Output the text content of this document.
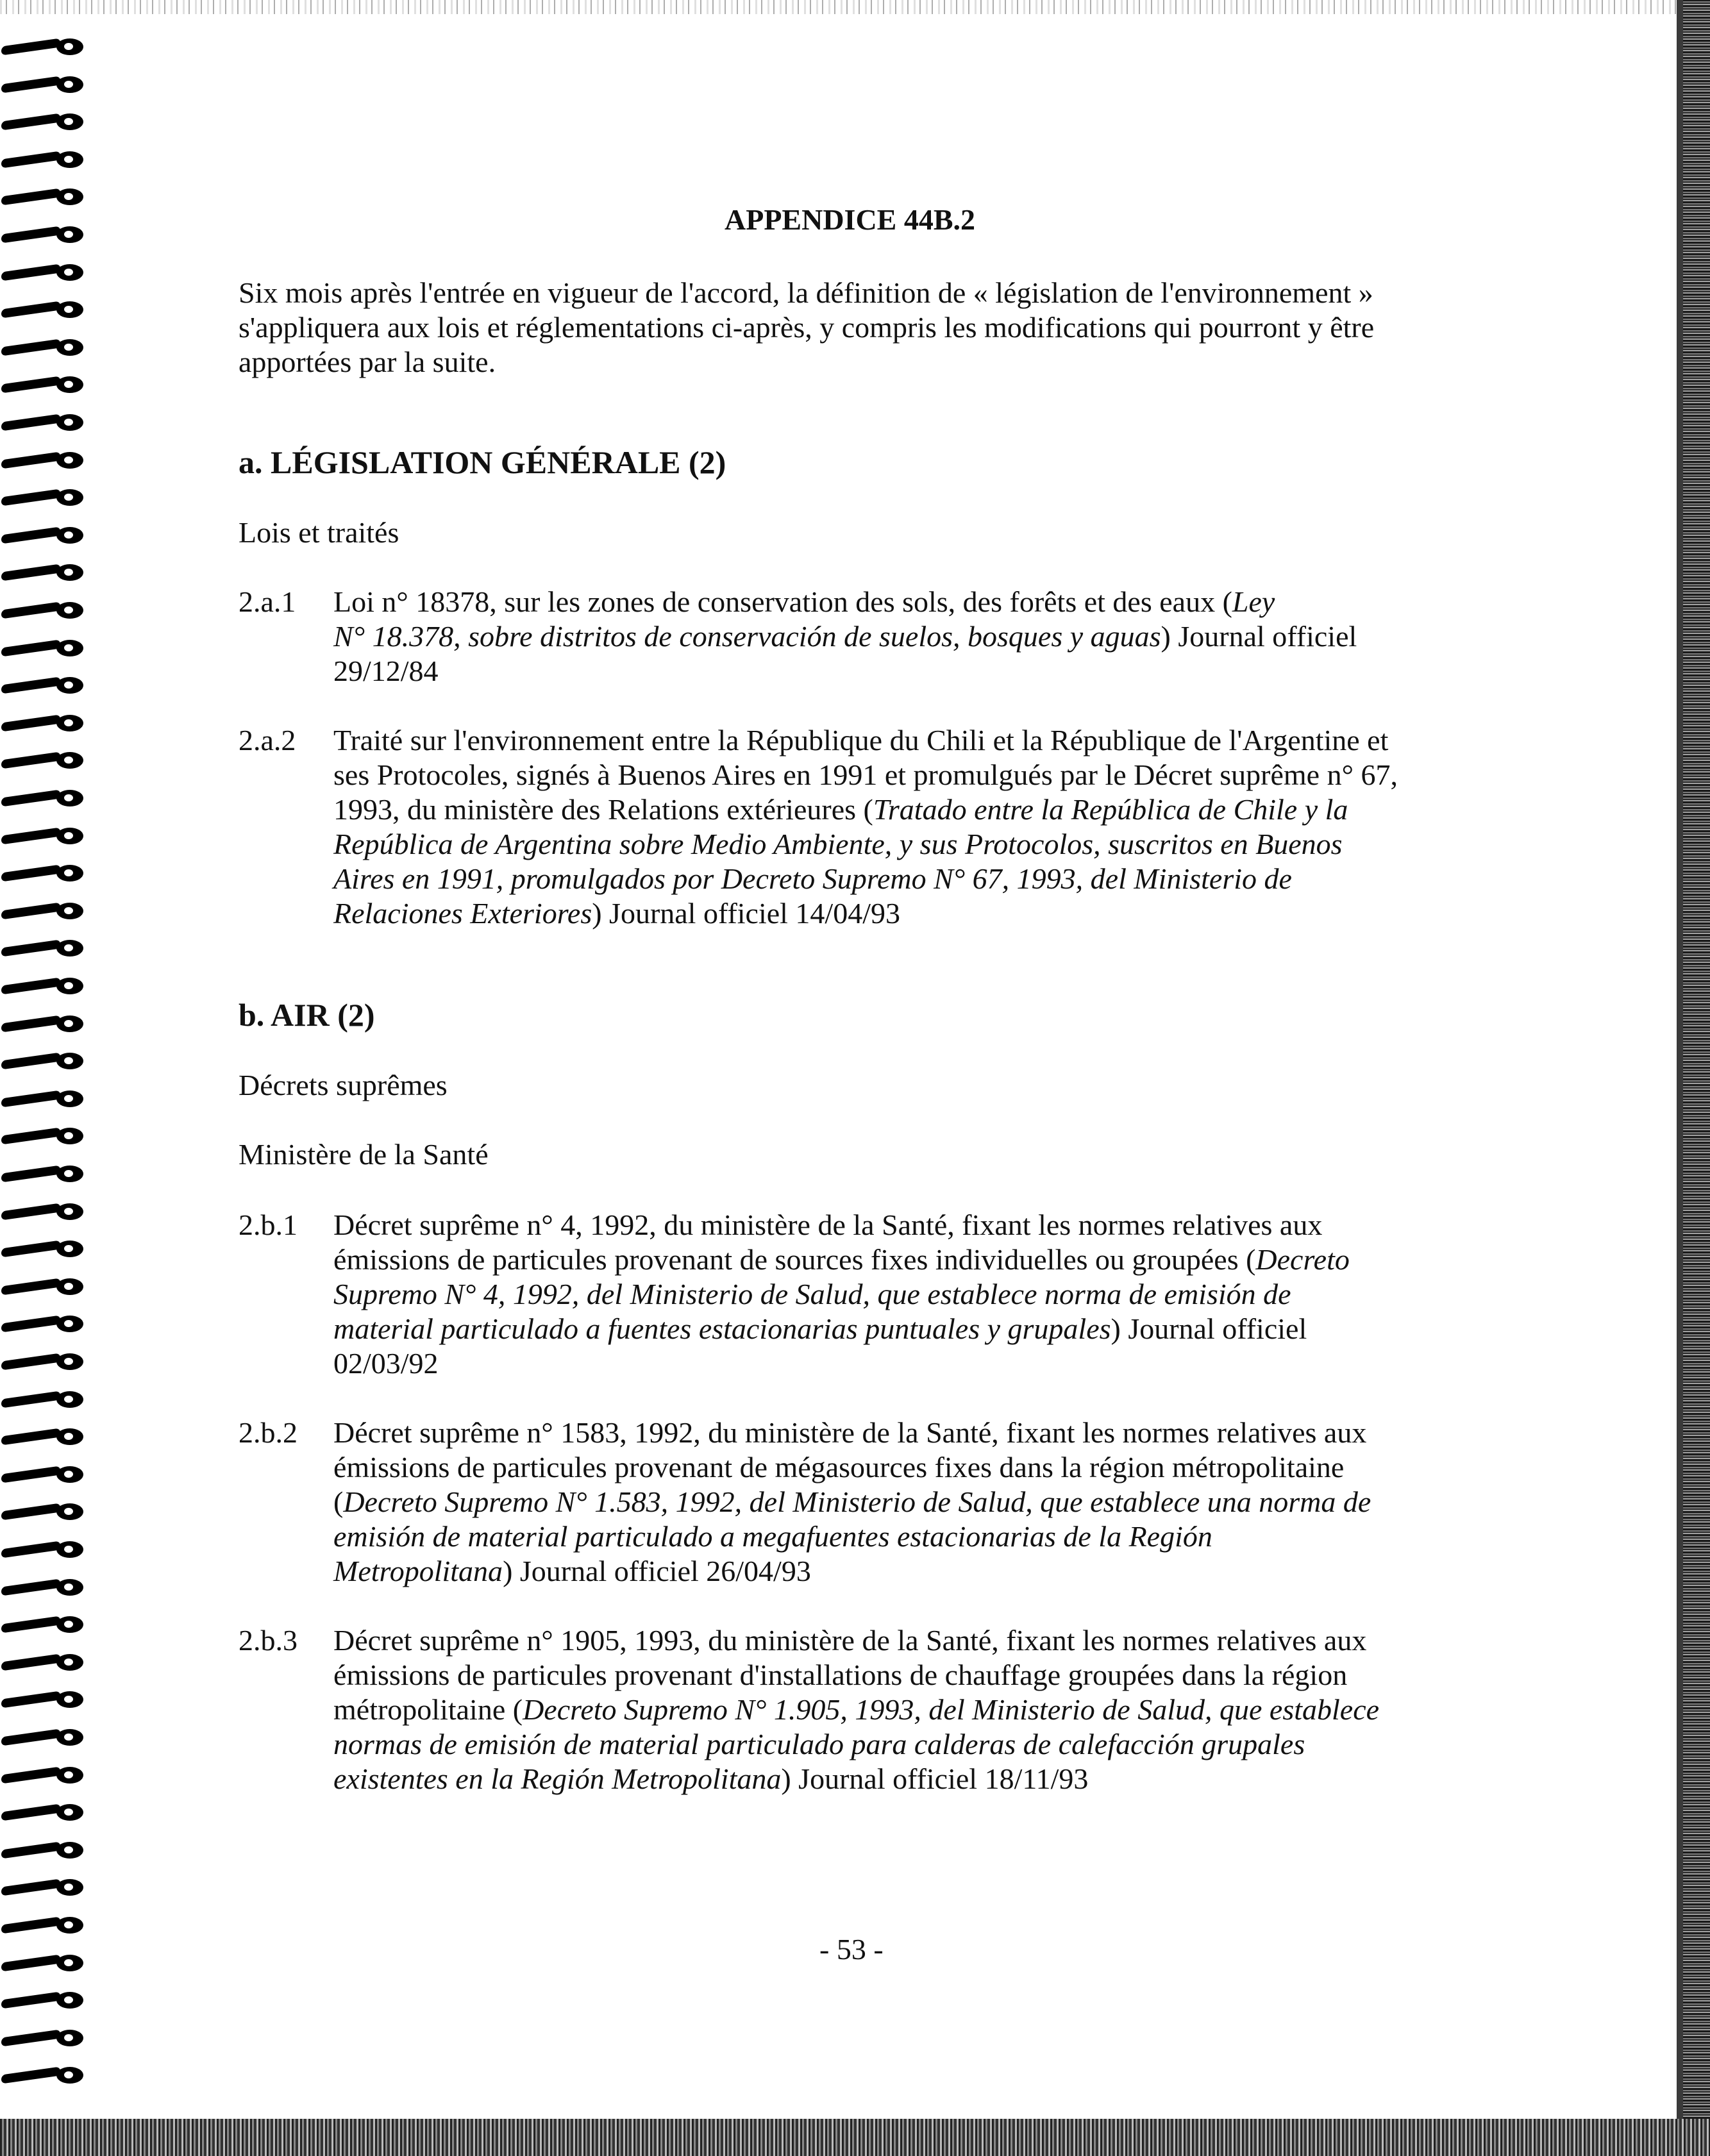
APPENDICE 44B.2
Six mois après l'entrée en vigueur de l'accord, la définition de « législation de l'environnement »
s'appliquera aux lois et réglementations ci-après, y compris les modifications qui pourront y être
apportées par la suite.
a. LÉGISLATION GÉNÉRALE (2)
Lois et traités
2.a.1 Loi n° 18378, sur les zones de conservation des sols, des forêts et des eaux (Ley
N° 18.378, sobre distritos de conservación de suelos, bosques y aguas) Journal officiel
29/12/84
2.a.2 Traité sur l'environnement entre la République du Chili et la République de l'Argentine et
ses Protocoles, signés à Buenos Aires en 1991 et promulgués par le Décret suprême n° 67,
1993, du ministère des Relations extérieures (Tratado entre la República de Chile y la
República de Argentina sobre Medio Ambiente, y sus Protocolos, suscritos en Buenos
Aires en 1991, promulgados por Decreto Supremo N° 67, 1993, del Ministerio de
Relaciones Exteriores) Journal officiel 14/04/93
b. AIR (2)
Décrets suprêmes
Ministère de la Santé
2.b.1 Décret suprême n° 4, 1992, du ministère de la Santé, fixant les normes relatives aux
émissions de particules provenant de sources fixes individuelles ou groupées (Decreto
Supremo N° 4, 1992, del Ministerio de Salud, que establece norma de emisión de
material particulado a fuentes estacionarias puntuales y grupales) Journal officiel
02/03/92
2.b.2 Décret suprême n° 1583, 1992, du ministère de la Santé, fixant les normes relatives aux
émissions de particules provenant de mégasources fixes dans la région métropolitaine
(Decreto Supremo N° 1.583, 1992, del Ministerio de Salud, que establece una norma de
emisión de material particulado a megafuentes estacionarias de la Región
Metropolitana) Journal officiel 26/04/93
2.b.3 Décret suprême n° 1905, 1993, du ministère de la Santé, fixant les normes relatives aux
émissions de particules provenant d'installations de chauffage groupées dans la région
métropolitaine (Decreto Supremo N° 1.905, 1993, del Ministerio de Salud, que establece
normas de emisión de material particulado para calderas de calefacción grupales
existentes en la Región Metropolitana) Journal officiel 18/11/93
- 53 -
